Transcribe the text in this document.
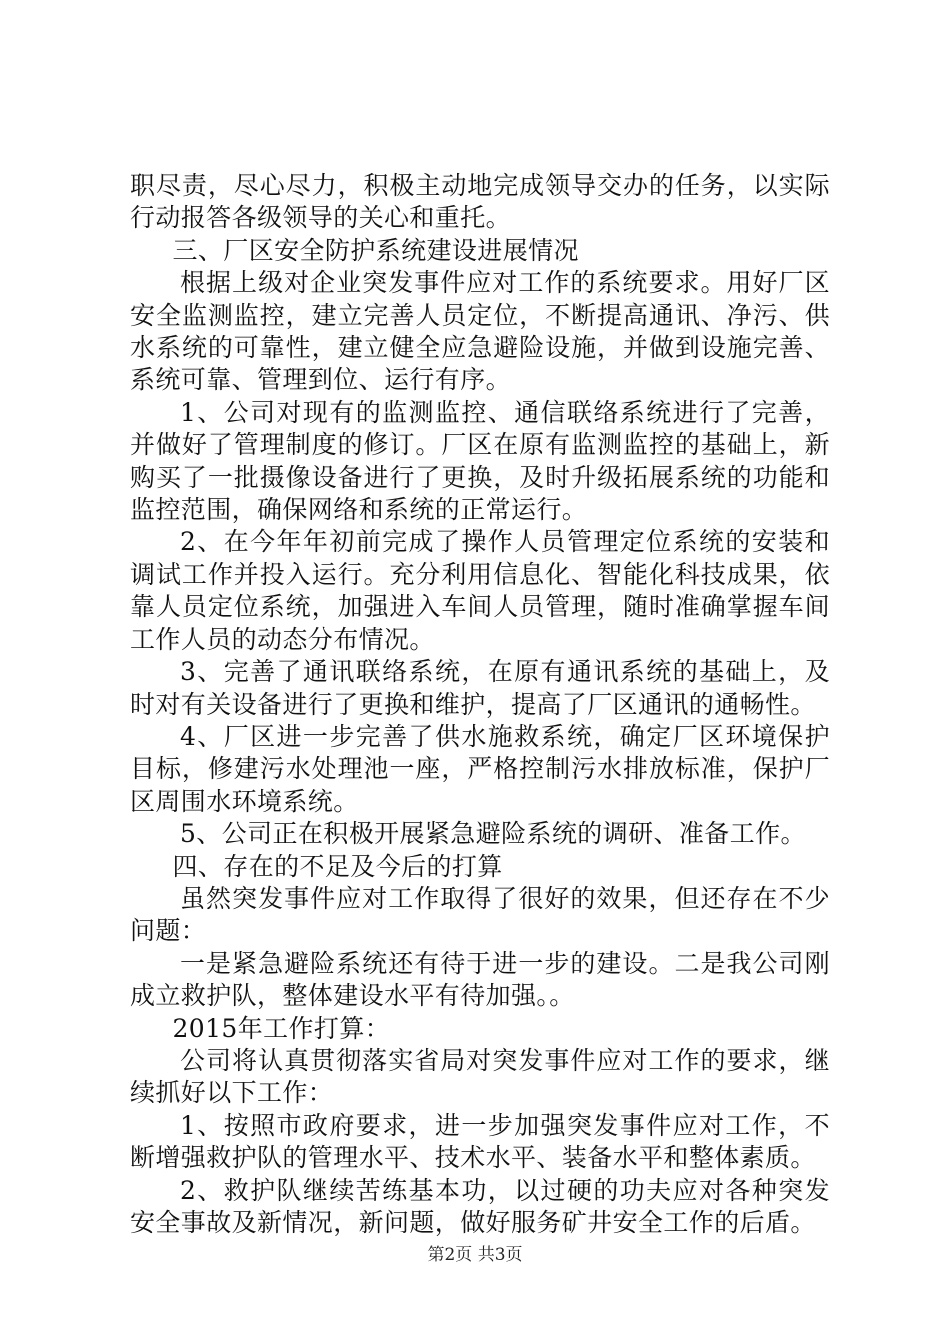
职尽责，尽心尽力，积极主动地完成领导交办的任务，以实际行动报答各级领导的关心和重托。

三、厂区安全防护系统建设进展情况

根据上级对企业突发事件应对工作的系统要求。用好厂区安全监测监控，建立完善人员定位，不断提高通讯、净污、供水系统的可靠性，建立健全应急避险设施，并做到设施完善、系统可靠、管理到位、运行有序。

1、公司对现有的监测监控、通信联络系统进行了完善，并做好了管理制度的修订。厂区在原有监测监控的基础上，新购买了一批摄像设备进行了更换，及时升级拓展系统的功能和监控范围，确保网络和系统的正常运行。

2、在今年年初前完成了操作人员管理定位系统的安装和调试工作并投入运行。充分利用信息化、智能化科技成果，依靠人员定位系统，加强进入车间人员管理，随时准确掌握车间工作人员的动态分布情况。

3、完善了通讯联络系统，在原有通讯系统的基础上，及时对有关设备进行了更换和维护，提高了厂区通讯的通畅性。

4、厂区进一步完善了供水施救系统，确定厂区环境保护目标，修建污水处理池一座，严格控制污水排放标准，保护厂区周围水环境系统。

5、公司正在积极开展紧急避险系统的调研、准备工作。

四、存在的不足及今后的打算

虽然突发事件应对工作取得了很好的效果，但还存在不少问题：

一是紧急避险系统还有待于进一步的建设。二是我公司刚成立救护队，整体建设水平有待加强。。

2015年工作打算：

公司将认真贯彻落实省局对突发事件应对工作的要求，继续抓好以下工作：

1、按照市政府要求，进一步加强突发事件应对工作，不断增强救护队的管理水平、技术水平、装备水平和整体素质。

2、救护队继续苦练基本功，以过硬的功夫应对各种突发安全事故及新情况，新问题，做好服务矿井安全工作的后盾。

第2页 共3页
